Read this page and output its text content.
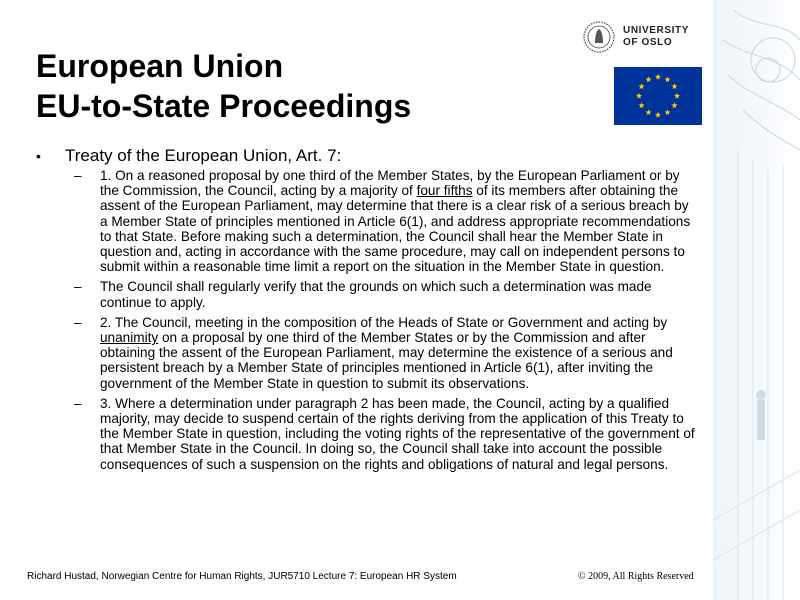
European Union
EU-to-State Proceedings
UNIVERSITY
OF OSLO
• Treaty of the European Union, Art. 7:
– 1. On a reasoned proposal by one third of the Member States, by the European Parliament or by the Commission, the Council, acting by a majority of four fifths of its members after obtaining the assent of the European Parliament, may determine that there is a clear risk of a serious breach by a Member State of principles mentioned in Article 6(1), and address appropriate recommendations to that State. Before making such a determination, the Council shall hear the Member State in question and, acting in accordance with the same procedure, may call on independent persons to submit within a reasonable time limit a report on the situation in the Member State in question.
– The Council shall regularly verify that the grounds on which such a determination was made continue to apply.
– 2. The Council, meeting in the composition of the Heads of State or Government and acting by unanimity on a proposal by one third of the Member States or by the Commission and after obtaining the assent of the European Parliament, may determine the existence of a serious and persistent breach by a Member State of principles mentioned in Article 6(1), after inviting the government of the Member State in question to submit its observations.
– 3. Where a determination under paragraph 2 has been made, the Council, acting by a qualified majority, may decide to suspend certain of the rights deriving from the application of this Treaty to the Member State in question, including the voting rights of the representative of the government of that Member State in the Council. In doing so, the Council shall take into account the possible consequences of such a suspension on the rights and obligations of natural and legal persons.
Richard Hustad, Norwegian Centre for Human Rights, JUR5710 Lecture 7: European HR System	© 2009, All Rights Reserved
